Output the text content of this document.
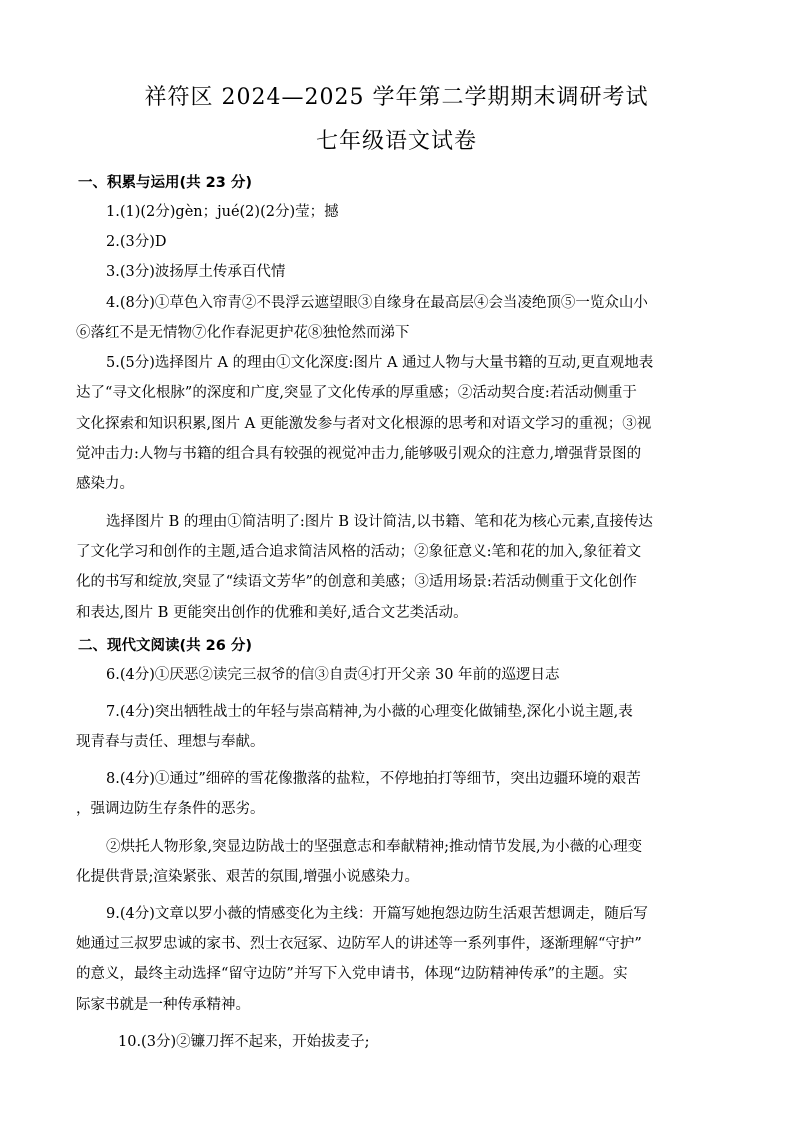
祥符区 2024—2025 学年第二学期期末调研考试
七年级语文试卷
一、积累与运用(共 23 分)
1.(1)(2分)gèn；jué(2)(2分)莹；撼
2.(3分)D
3.(3分)波扬厚土传承百代情
4.(8分)①草色入帘青②不畏浮云遮望眼③自缘身在最高层④会当凌绝顶⑤一览众山小
⑥落红不是无情物⑦化作春泥更护花⑧独怆然而涕下
5.(5分)选择图片 A 的理由①文化深度:图片 A 通过人物与大量书籍的互动,更直观地表
达了“寻文化根脉”的深度和广度,突显了文化传承的厚重感；②活动契合度:若活动侧重于
文化探索和知识积累,图片 A 更能激发参与者对文化根源的思考和对语文学习的重视；③视
觉冲击力:人物与书籍的组合具有较强的视觉冲击力,能够吸引观众的注意力,增强背景图的
感染力。
选择图片 B 的理由①简洁明了:图片 B 设计简洁,以书籍、笔和花为核心元素,直接传达
了文化学习和创作的主题,适合追求简洁风格的活动；②象征意义:笔和花的加入,象征着文
化的书写和绽放,突显了“续语文芳华”的创意和美感；③适用场景:若活动侧重于文化创作
和表达,图片 B 更能突出创作的优雅和美好,适合文艺类活动。
二、现代文阅读(共 26 分)
6.(4分)①厌恶②读完三叔爷的信③自责④打开父亲 30 年前的巡逻日志
7.(4分)突出牺牲战士的年轻与崇高精神,为小薇的心理变化做铺垫,深化小说主题,表
现青春与责任、理想与奉献。
8.(4分)①通过”细碎的雪花像撒落的盐粒，不停地拍打等细节，突出边疆环境的艰苦
，强调边防生存条件的恶劣。
②烘托人物形象,突显边防战士的坚强意志和奉献精神;推动情节发展,为小薇的心理变
化提供背景;渲染紧张、艰苦的氛围,增强小说感染力。
9.(4分)文章以罗小薇的情感变化为主线：开篇写她抱怨边防生活艰苦想调走，随后写
她通过三叔罗忠诚的家书、烈士衣冠冢、边防军人的讲述等一系列事件，逐渐理解“守护”
的意义，最终主动选择“留守边防”并写下入党申请书，体现“边防精神传承”的主题。实
际家书就是一种传承精神。
10.(3分)②镰刀挥不起来，开始拔麦子;
